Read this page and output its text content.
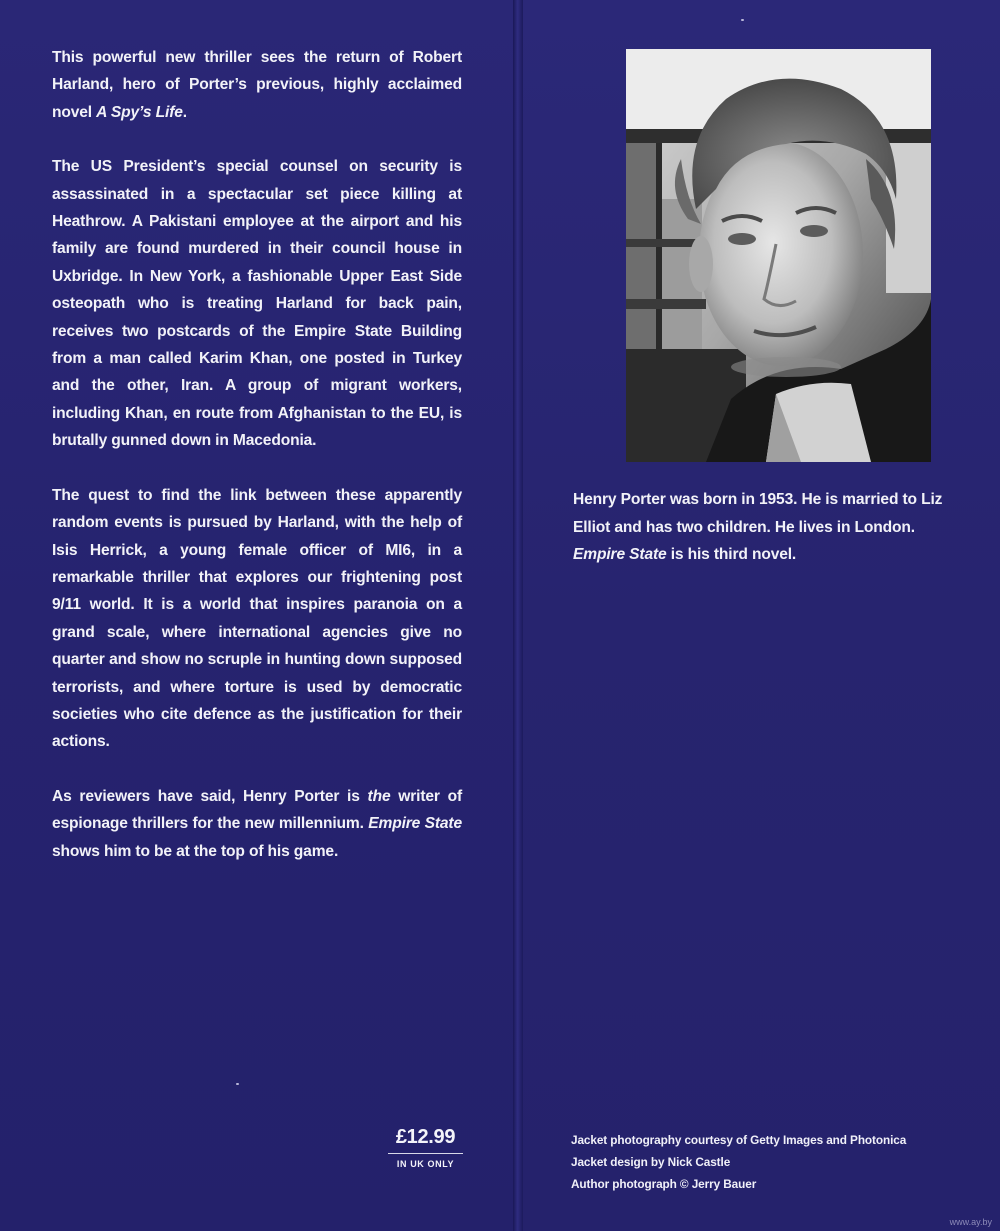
This powerful new thriller sees the return of Robert Harland, hero of Porter’s previous, highly acclaimed novel A Spy’s Life.

The US President’s special counsel on security is assassinated in a spectacular set piece killing at Heathrow. A Pakistani employee at the airport and his family are found murdered in their council house in Uxbridge. In New York, a fashionable Upper East Side osteopath who is treating Harland for back pain, receives two postcards of the Empire State Building from a man called Karim Khan, one posted in Turkey and the other, Iran. A group of migrant workers, including Khan, en route from Afghanistan to the EU, is brutally gunned down in Macedonia.

The quest to find the link between these apparently random events is pursued by Harland, with the help of Isis Herrick, a young female officer of MI6, in a remarkable thriller that explores our frightening post 9/11 world. It is a world that inspires paranoia on a grand scale, where international agencies give no quarter and show no scruple in hunting down supposed terrorists, and where torture is used by democratic societies who cite defence as the justification for their actions.

As reviewers have said, Henry Porter is the writer of espionage thrillers for the new millennium. Empire State shows him to be at the top of his game.

£12.99
IN UK ONLY

Henry Porter was born in 1953. He is married to Liz Elliot and has two children. He lives in London. Empire State is his third novel.

Jacket photography courtesy of Getty Images and Photonica
Jacket design by Nick Castle
Author photograph © Jerry Bauer
www.ay.by
